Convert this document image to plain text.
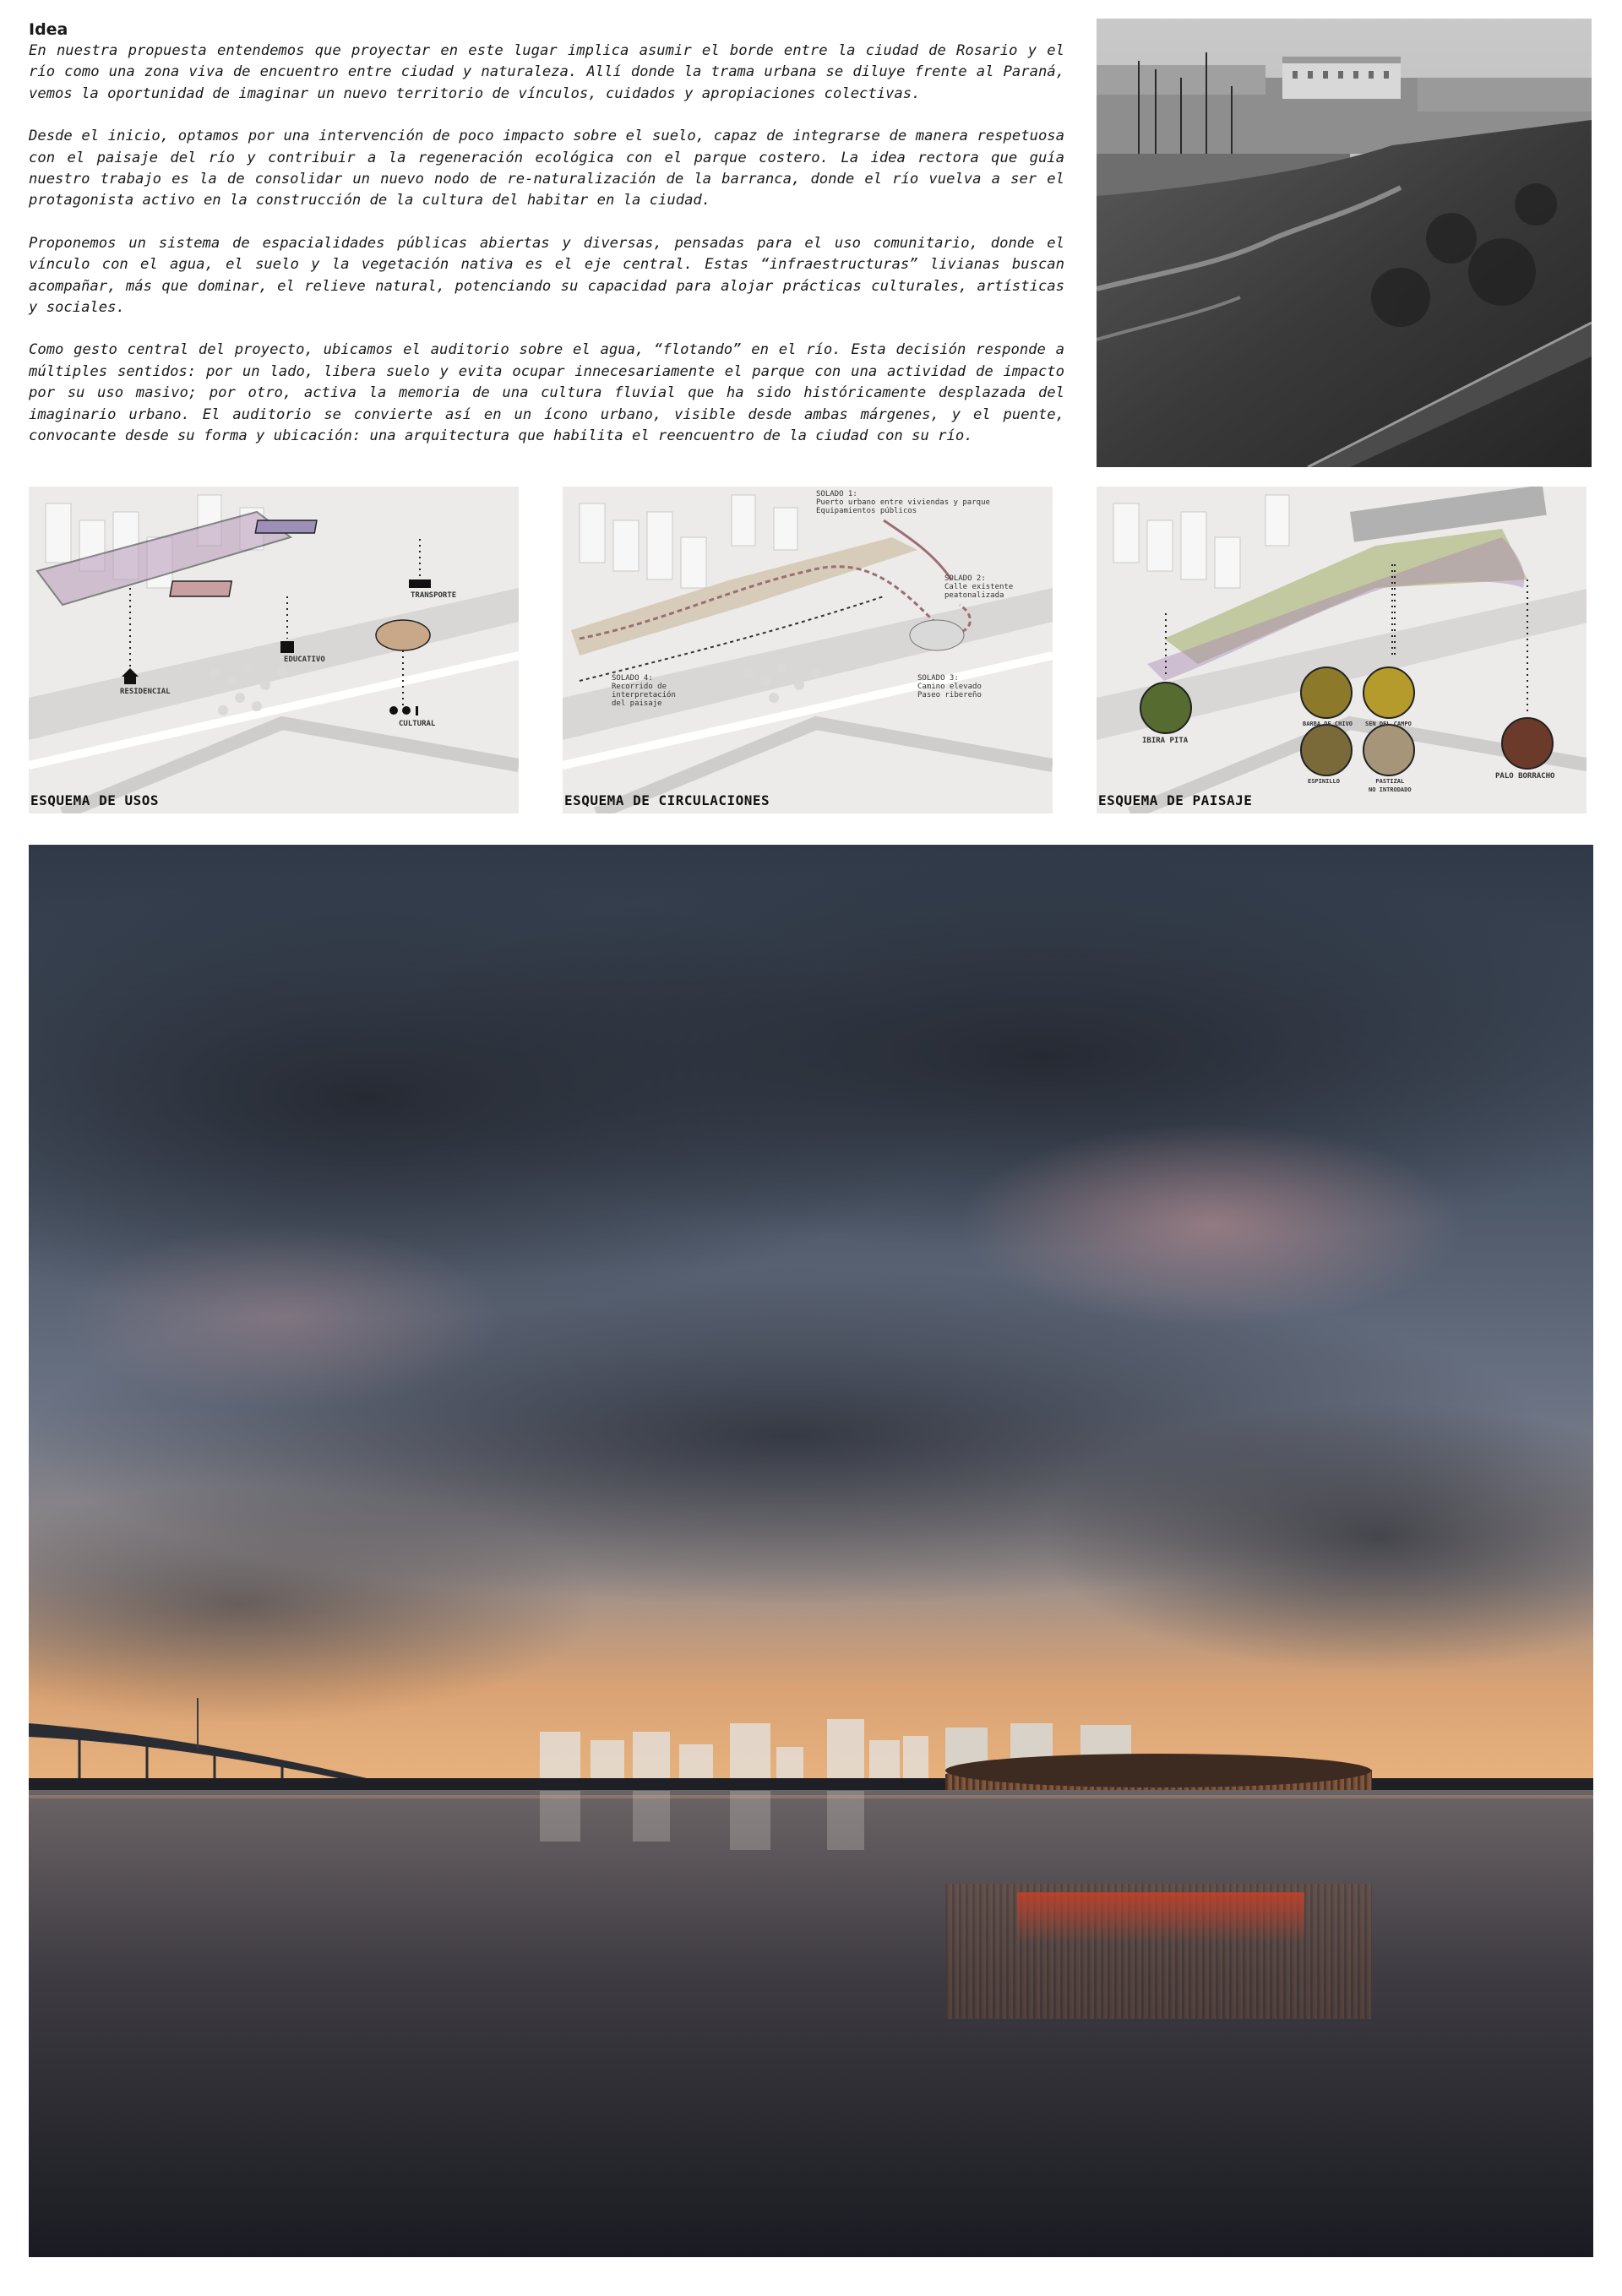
Idea

En nuestra propuesta entendemos que proyectar en este lugar implica asumir el borde entre la ciudad de Rosario y el río como una zona viva de encuentro entre ciudad y naturaleza. Allí donde la trama urbana se diluye frente al Paraná, vemos la oportunidad de imaginar un nuevo territorio de vínculos, cuidados y apropiaciones colectivas.

Desde el inicio, optamos por una intervención de poco impacto sobre el suelo, capaz de integrarse de manera respetuosa con el paisaje del río y contribuir a la regeneración ecológica con el parque costero. La idea rectora que guía nuestro trabajo es la de consolidar un nuevo nodo de re-naturalización de la barranca, donde el río vuelva a ser el protagonista activo en la construcción de la cultura del habitar en la ciudad.

Proponemos un sistema de espacialidades públicas abiertas y diversas, pensadas para el uso comunitario, donde el vínculo con el agua, el suelo y la vegetación nativa es el eje central. Estas “infraestructuras” livianas buscan acompañar, más que dominar, el relieve natural, potenciando su capacidad para alojar prácticas culturales, artísticas y sociales.

Como gesto central del proyecto, ubicamos el auditorio sobre el agua, “flotando” en el río. Esta decisión responde a múltiples sentidos: por un lado, libera suelo y evita ocupar innecesariamente el parque con una actividad de impacto por su uso masivo; por otro, activa la memoria de una cultura fluvial que ha sido históricamente desplazada del imaginario urbano. El auditorio se convierte así en un ícono urbano, visible desde ambas márgenes, y el puente, convocante desde su forma y ubicación: una arquitectura que habilita el reencuentro de la ciudad con su río.

RESIDENCIAL
EDUCATIVO
TRANSPORTE
CULTURAL
ESQUEMA DE USOS
SOLADO 1:
Puerto urbano entre viviendas y parque
Equipamientos públicos
SOLADO 2:
Calle existente
peatonalizada
SOLADO 3:
Camino elevado
Paseo ribereño
SOLADO 4:
Recorrido de
interpretación
del paisaje
ESQUEMA DE CIRCULACIONES
IBIRA PITA
BARBA DE CHIVO SEN DEL CAMPO
ESPINILLO	PASTIZAL
NO INTRODADO
PALO BORRACHO
ESQUEMA DE PAISAJE
